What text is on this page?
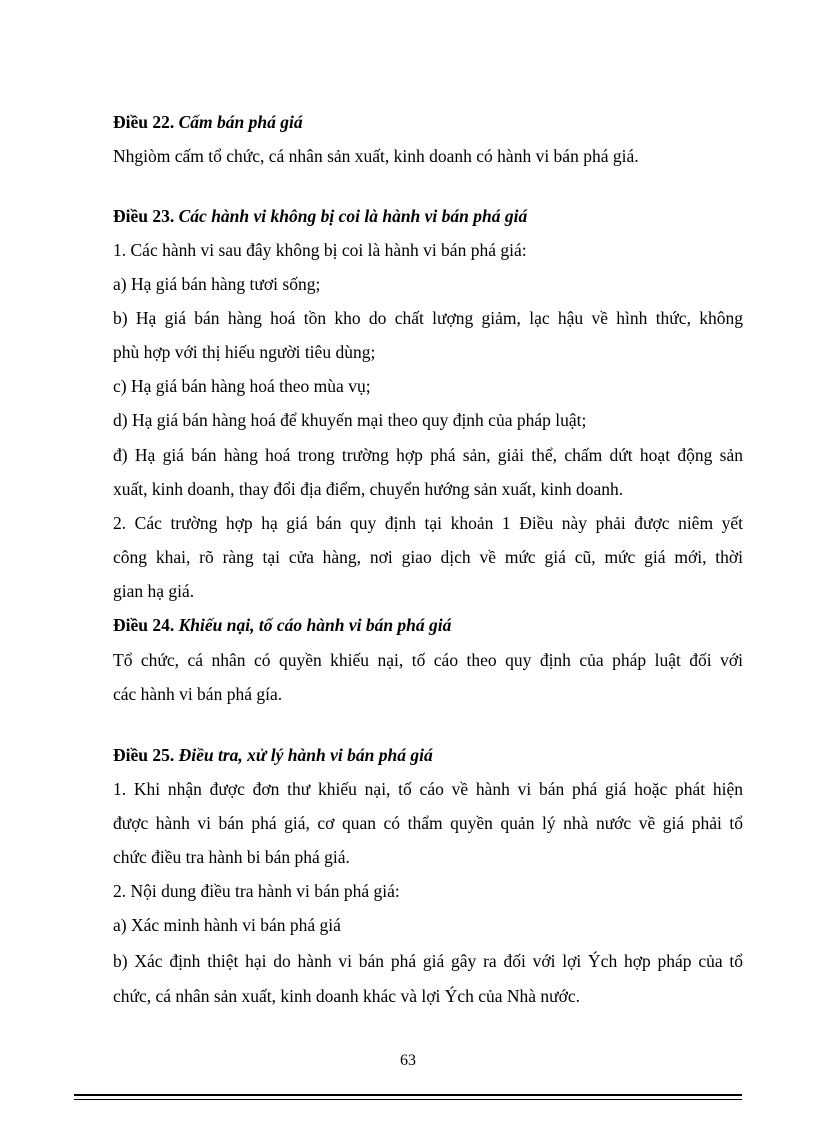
Điều 22. Cấm bán phá giá
Nhgiòm cấm tổ chức, cá nhân sản xuất, kinh doanh có hành vi bán phá giá.
Điều 23. Các hành vi không bị coi là hành vi bán phá giá
1. Các hành vi sau đây không bị coi là hành vi bán phá giá:
a) Hạ giá bán hàng tươi sống;
b) Hạ giá bán hàng hoá tồn kho do chất lượng giảm, lạc hậu về hình thức, không
phù hợp với thị hiếu người tiêu dùng;
c) Hạ giá bán hàng hoá theo mùa vụ;
d) Hạ giá bán hàng hoá để khuyến mại theo quy định của pháp luật;
đ) Hạ giá bán hàng hoá trong trường hợp phá sản, giải thể, chấm dứt hoạt động sản
xuất, kinh doanh, thay đổi địa điểm, chuyển hướng sản xuất, kinh doanh.
2. Các trường hợp hạ giá bán quy định tại khoản 1 Điều này phải được niêm yết
công khai, rõ ràng tại cửa hàng, nơi giao dịch về mức giá cũ, mức giá mới, thời
gian hạ giá.
Điều 24. Khiếu nại, tố cáo hành vi bán phá giá
Tổ chức, cá nhân có quyền khiếu nại, tố cáo theo quy định của pháp luật đối với
các hành vi bán phá gía.
Điều 25. Điều tra, xử lý hành vi bán phá giá
1. Khi nhận được đơn thư khiếu nại, tố cáo về hành vi bán phá giá hoặc phát hiện
được hành vi bán phá giá, cơ quan có thẩm quyền quản lý nhà nước về giá phải tổ
chức điều tra hành bi bán phá giá.
2. Nội dung điều tra hành vi bán phá giá:
a) Xác minh hành vi bán phá giá
b) Xác định thiệt hại do hành vi bán phá giá gây ra đối với lợi Ých hợp pháp của tổ
chức, cá nhân sản xuất, kinh doanh khác và lợi Ých của Nhà nước.
63
